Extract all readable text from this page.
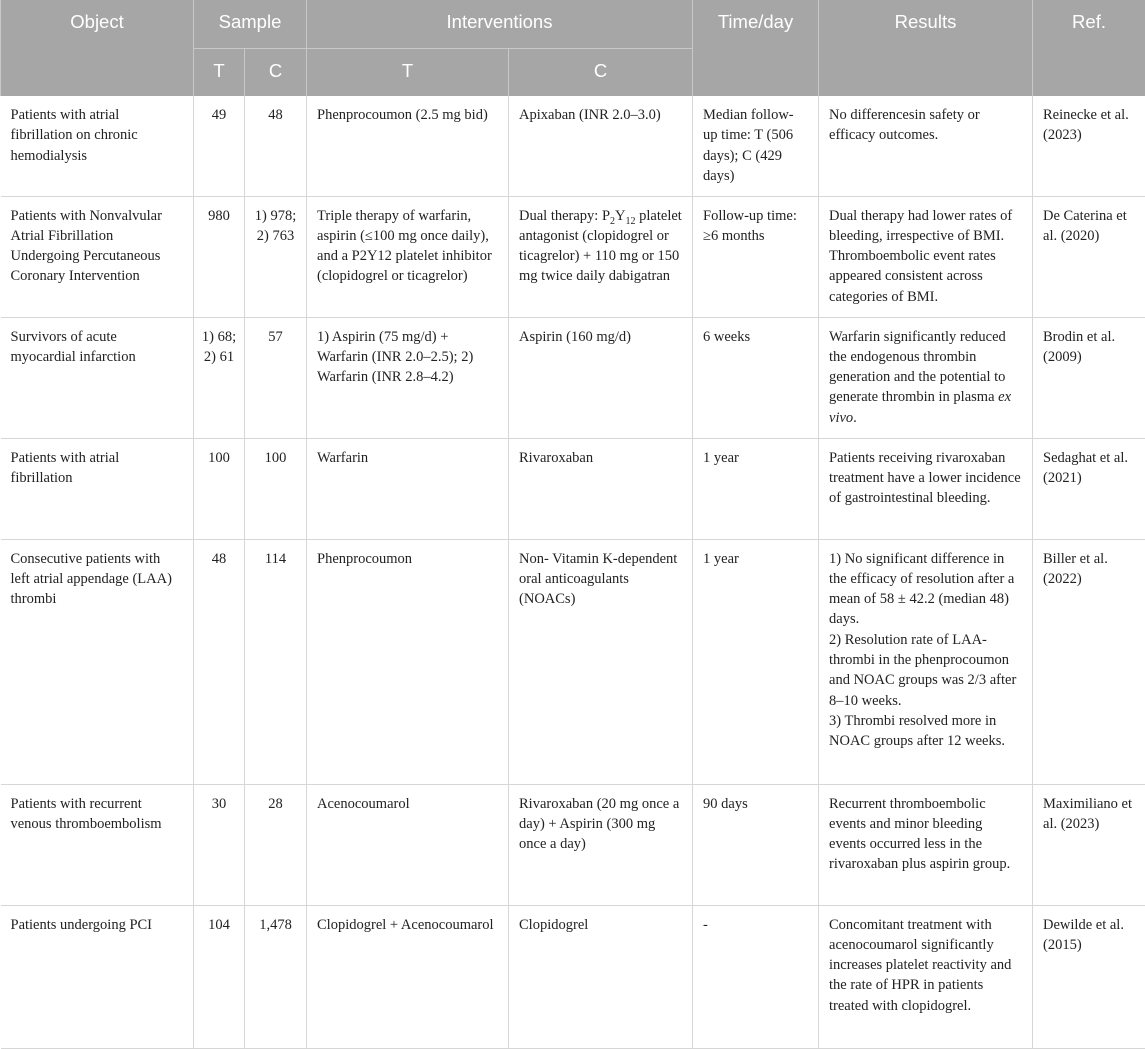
Object	Sample		Interventions		Time/day	Results	Ref.
	T	C	T	C			
Patients with atrial fibrillation on chronic hemodialysis	49	48	Phenprocoumon (2.5 mg bid)	Apixaban (INR 2.0–3.0)	Median follow-up time: T (506 days); C (429 days)	No differencesin safety or efficacy outcomes.	Reinecke et al. (2023)
Patients with Nonvalvular Atrial Fibrillation Undergoing Percutaneous Coronary Intervention	980	1) 978; 2) 763	Triple therapy of warfarin, aspirin (≤100 mg once daily), and a P2Y12 platelet inhibitor (clopidogrel or ticagrelor)	Dual therapy: $P_2Y_{12}$ platelet antagonist (clopidogrel or ticagrelor) + 110 mg or 150 mg twice daily dabigatran	Follow-up time: ≥6 months	Dual therapy had lower rates of bleeding, irrespective of BMI. Thromboembolic event rates appeared consistent across categories of BMI.	De Caterina et al. (2020)
Survivors of acute myocardial infarction	1) 68; 2) 61	57	1) Aspirin (75 mg/d) + Warfarin (INR 2.0–2.5); 2) Warfarin (INR 2.8–4.2)	Aspirin (160 mg/d)	6 weeks	Warfarin significantly reduced the endogenous thrombin generation and the potential to generate thrombin in plasma ex vivo.	Brodin et al. (2009)
Patients with atrial fibrillation	100	100	Warfarin	Rivaroxaban	1 year	Patients receiving rivaroxaban treatment have a lower incidence of gastrointestinal bleeding.	Sedaghat et al. (2021)
Consecutive patients with left atrial appendage (LAA) thrombi	48	114	Phenprocoumon	Non- Vitamin K-dependent oral anticoagulants (NOACs)	1 year	1) No significant difference in the efficacy of resolution after a mean of 58 ± 42.2 (median 48) days.
2) Resolution rate of LAA-thrombi in the phenprocoumon and NOAC groups was 2/3 after 8–10 weeks.
3) Thrombi resolved more in NOAC groups after 12 weeks.	Biller et al. (2022)
Patients with recurrent venous thromboembolism	30	28	Acenocoumarol	Rivaroxaban (20 mg once a day) + Aspirin (300 mg once a day)	90 days	Recurrent thromboembolic events and minor bleeding events occurred less in the rivaroxaban plus aspirin group.	Maximiliano et al. (2023)
Patients undergoing PCI	104	1,478	Clopidogrel + Acenocoumarol	Clopidogrel	-	Concomitant treatment with acenocoumarol significantly increases platelet reactivity and the rate of HPR in patients treated with clopidogrel.	Dewilde et al. (2015)
